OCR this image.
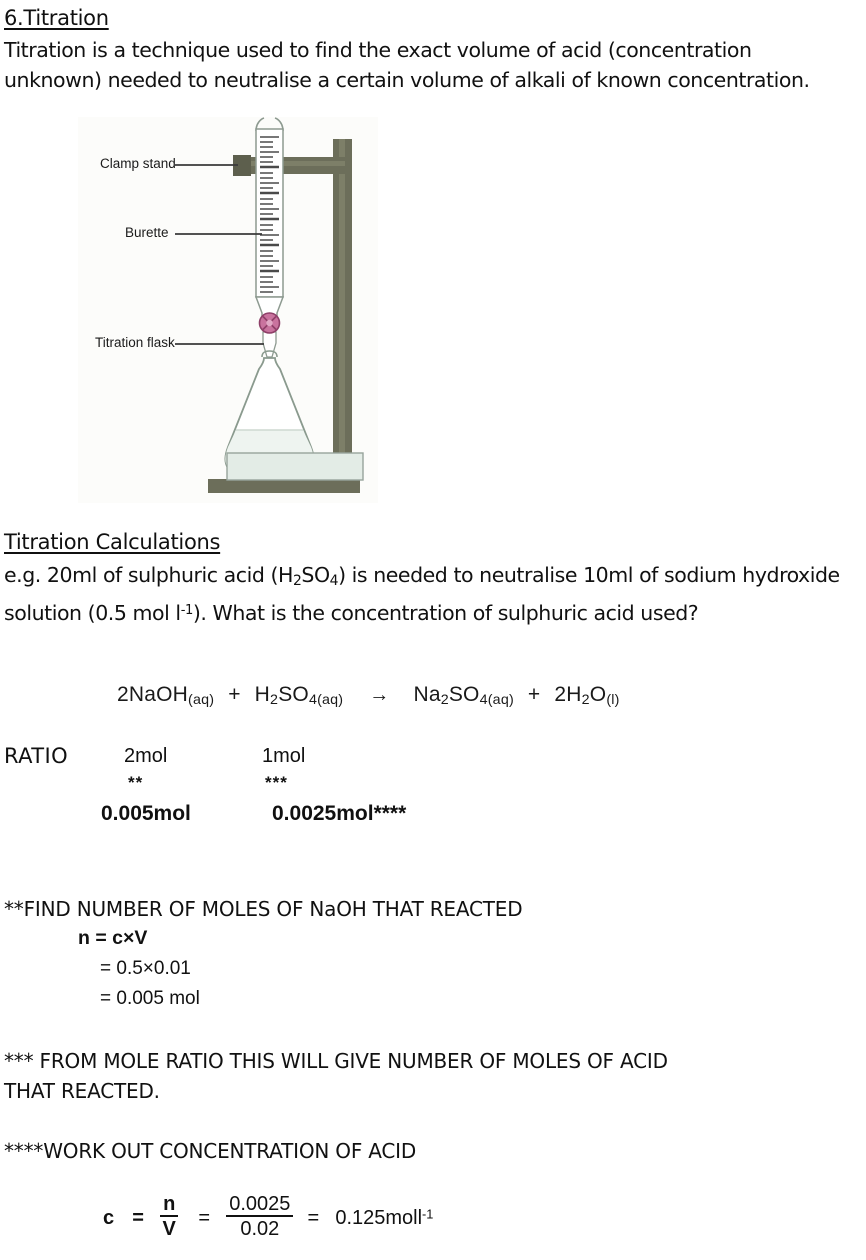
6.Titration
Titration is a technique used to find the exact volume of acid (concentration unknown) needed to neutralise a certain volume of alkali of known concentration.
Clamp stand
Burette
Titration flask
Titration Calculations
e.g. 20ml of sulphuric acid $(H_2SO_4)$ is needed to neutralise 10ml of sodium hydroxide solution (0.5 mol $l^{-1}$). What is the concentration of sulphuric acid used?
2NaOH$_{(aq)}$ + $H_2SO_{4(aq)} \to Na_2SO_{4(aq)} + 2H_2O_{(l)}$
RATIO	2mol	1mol
**	***
0.005mol	0.0025mol****
**FIND NUMBER OF MOLES OF NaOH THAT REACTED
n = c×V
= 0.5×0.01
= 0.005 mol
*** FROM MOLE RATIO THIS WILL GIVE NUMBER OF MOLES OF ACID
THAT REACTED.
****WORK OUT CONCENTRATION OF ACID
$c = \frac{n}{V} = \frac{0.0025}{0.02}$ = 0.125moll$^{-1}$
